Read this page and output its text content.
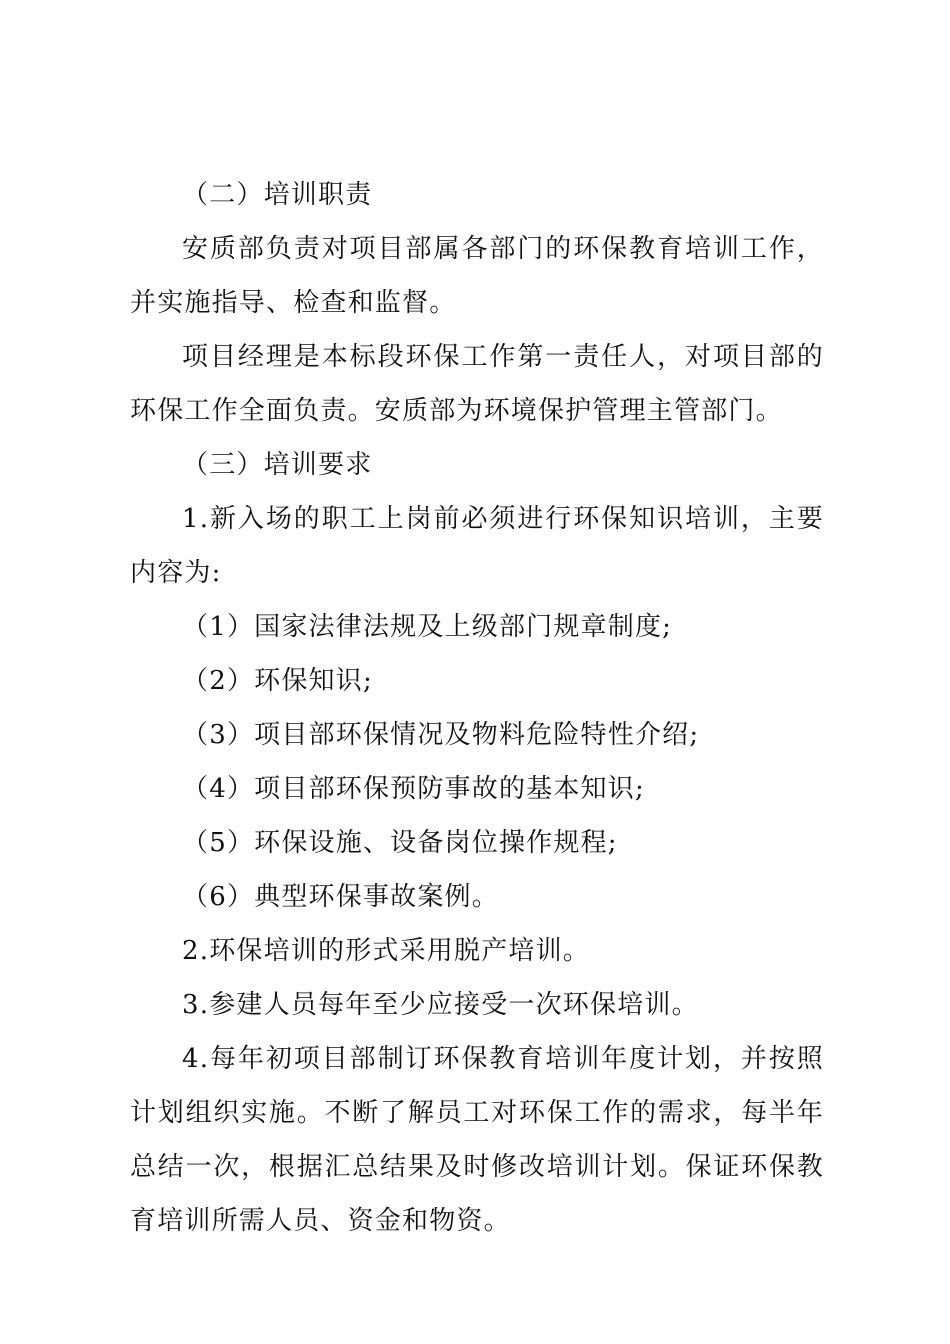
（二）培训职责

安质部负责对项目部属各部门的环保教育培训工作，并实施指导、检查和监督。

项目经理是本标段环保工作第一责任人，对项目部的环保工作全面负责。安质部为环境保护管理主管部门。

（三）培训要求

1.新入场的职工上岗前必须进行环保知识培训，主要内容为:

（1）国家法律法规及上级部门规章制度;

（2）环保知识;

（3）项目部环保情况及物料危险特性介绍;

（4）项目部环保预防事故的基本知识;

（5）环保设施、设备岗位操作规程;

（6）典型环保事故案例。

2.环保培训的形式采用脱产培训。

3.参建人员每年至少应接受一次环保培训。

4.每年初项目部制订环保教育培训年度计划，并按照计划组织实施。不断了解员工对环保工作的需求，每半年总结一次，根据汇总结果及时修改培训计划。保证环保教育培训所需人员、资金和物资。
